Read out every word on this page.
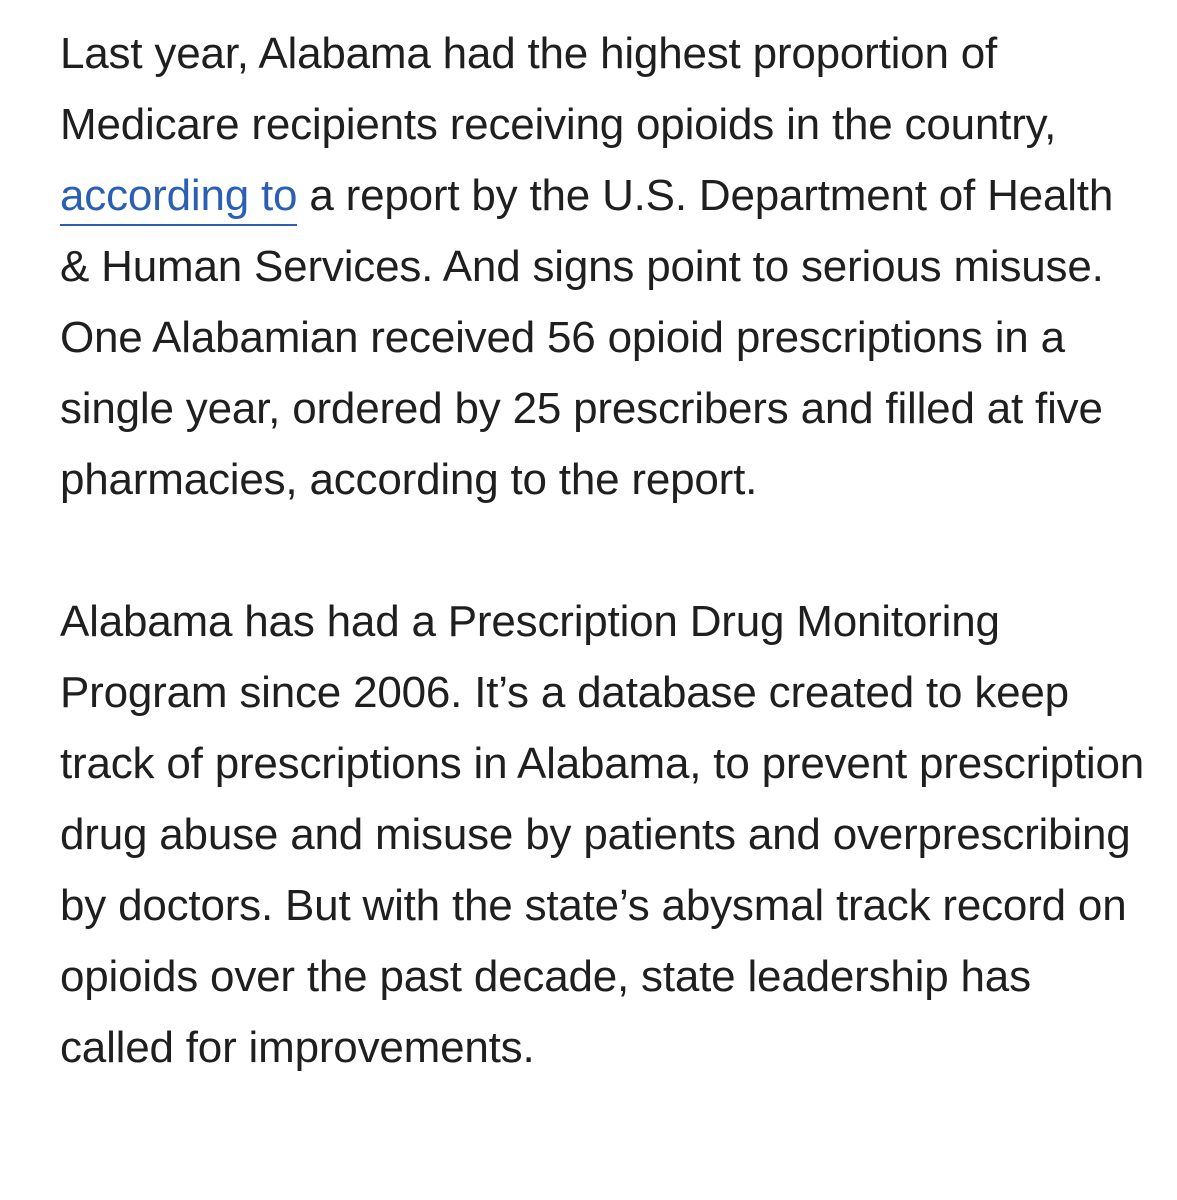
Last year, Alabama had the highest proportion of Medicare recipients receiving opioids in the country, according to a report by the U.S. Department of Health & Human Services. And signs point to serious misuse. One Alabamian received 56 opioid prescriptions in a single year, ordered by 25 prescribers and filled at five pharmacies, according to the report.

Alabama has had a Prescription Drug Monitoring Program since 2006. It’s a database created to keep track of prescriptions in Alabama, to prevent prescription drug abuse and misuse by patients and overprescribing by doctors. But with the state’s abysmal track record on opioids over the past decade, state leadership has called for improvements.
